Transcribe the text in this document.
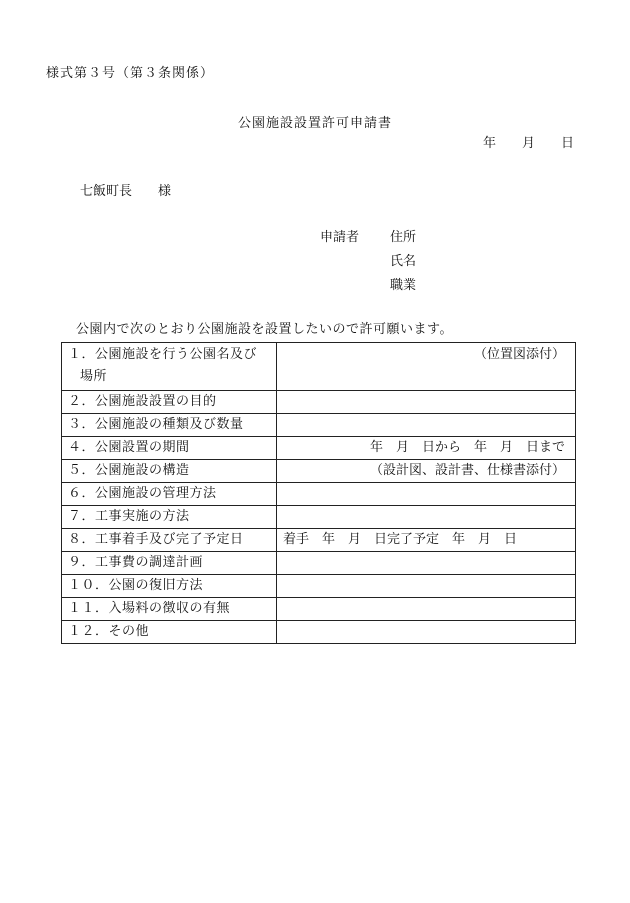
様式第３号（第３条関係）
公園施設設置許可申請書
年 月 日
七飯町長 様
申請者 住所
氏名
職業
公園内で次のとおり公園施設を設置したいので許可願います。
１．公園施設を行う公園名及び
場所	（位置図添付）
２．公園施設設置の目的	
３．公園施設の種類及び数量	
４．公園設置の期間	年　月　日から　年　月　日まで
５．公園施設の構造	（設計図、設計書、仕様書添付）
６．公園施設の管理方法	
７．工事実施の方法	
８．工事着手及び完了予定日	着手　年　月　日完了予定　年　月　日
９．工事費の調達計画	
１０．公園の復旧方法	
１１．入場料の徴収の有無	
１２．その他	
